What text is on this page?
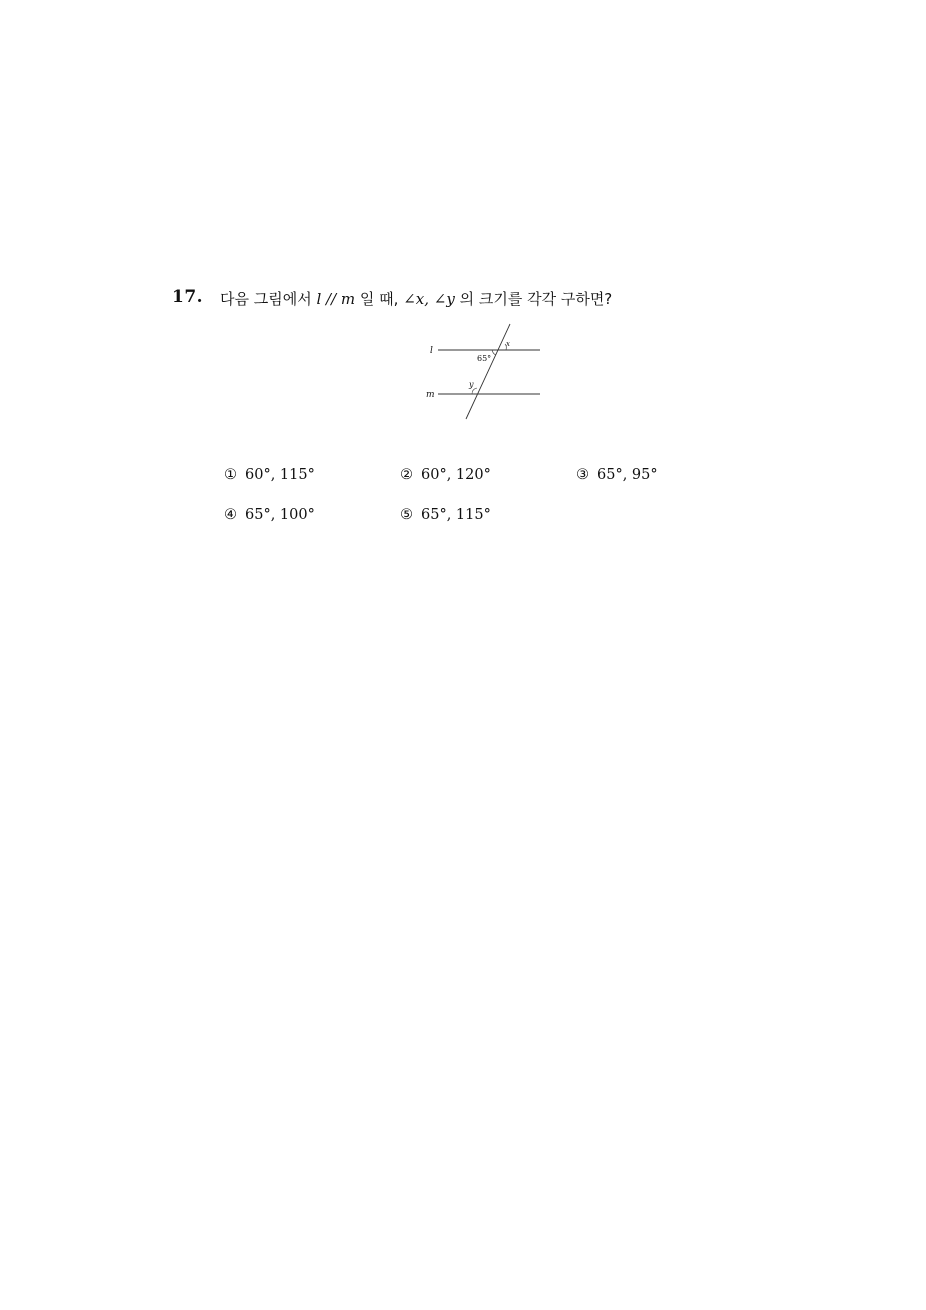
17. 다음 그림에서 l // m 일 때, ∠x, ∠y 의 크기를 각각 구하면?
l
m
65°
x
y
① 60°, 115°	② 60°, 120°	③ 65°, 95°
④ 65°, 100°	⑤ 65°, 115°
